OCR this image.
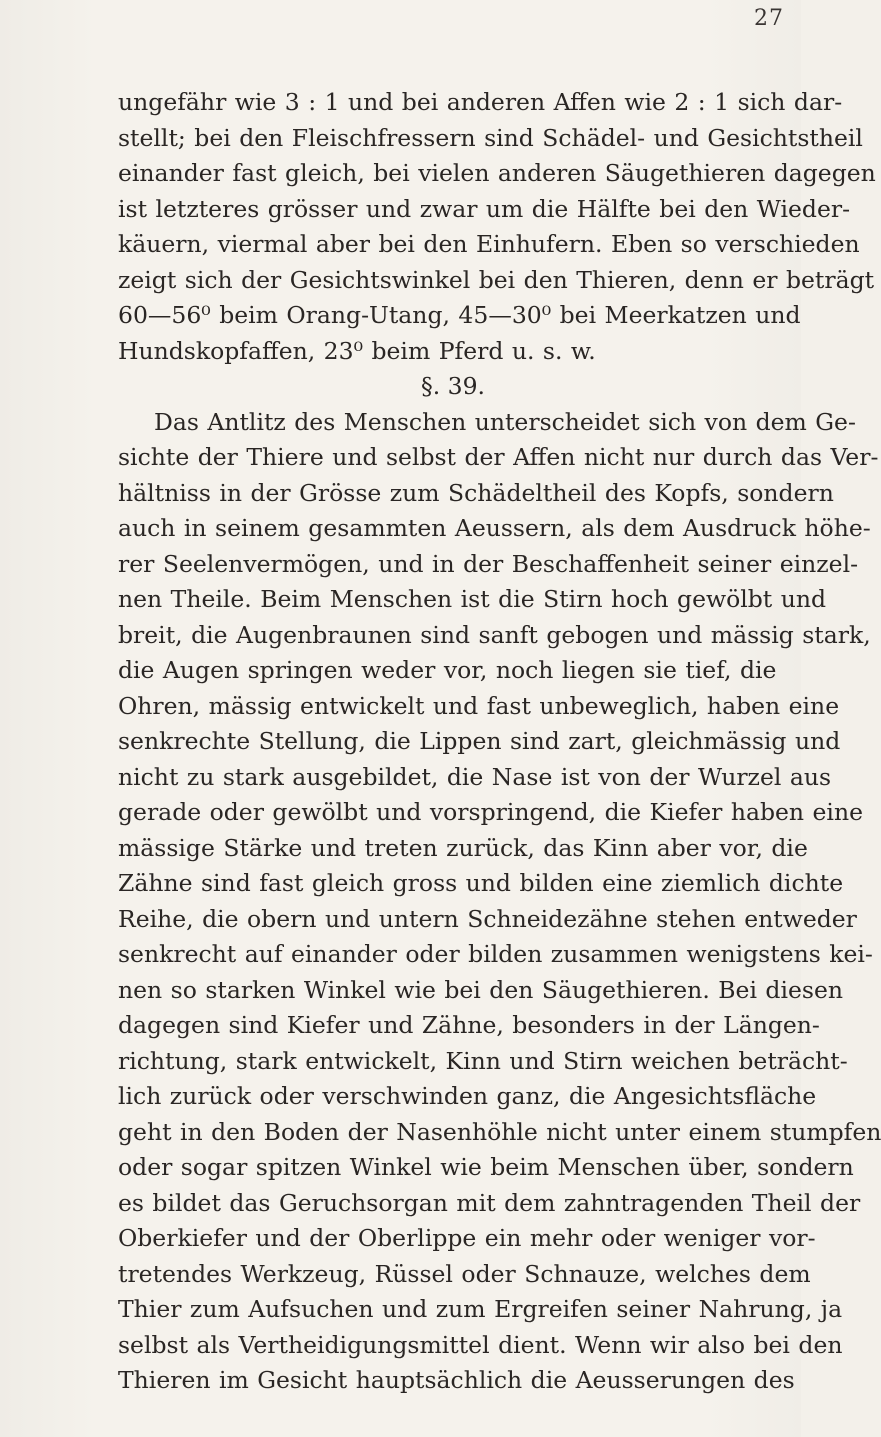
27
ungefähr wie 3 : 1 und bei anderen Affen wie 2 : 1 sich dar-
stellt; bei den Fleischfressern sind Schädel- und Gesichtstheil
einander fast gleich, bei vielen anderen Säugethieren dagegen
ist letzteres grösser und zwar um die Hälfte bei den Wieder-
käuern, viermal aber bei den Einhufern. Eben so verschieden
zeigt sich der Gesichtswinkel bei den Thieren, denn er beträgt
60—56⁰ beim Orang-Utang, 45—30⁰ bei Meerkatzen und
Hundskopfaffen, 23⁰ beim Pferd u. s. w.
§. 39.
Das Antlitz des Menschen unterscheidet sich von dem Ge-
sichte der Thiere und selbst der Affen nicht nur durch das Ver-
hältniss in der Grösse zum Schädeltheil des Kopfs, sondern
auch in seinem gesammten Aeussern, als dem Ausdruck höhe-
rer Seelenvermögen, und in der Beschaffenheit seiner einzel-
nen Theile. Beim Menschen ist die Stirn hoch gewölbt und
breit, die Augenbraunen sind sanft gebogen und mässig stark,
die Augen springen weder vor, noch liegen sie tief, die
Ohren, mässig entwickelt und fast unbeweglich, haben eine
senkrechte Stellung, die Lippen sind zart, gleichmässig und
nicht zu stark ausgebildet, die Nase ist von der Wurzel aus
gerade oder gewölbt und vorspringend, die Kiefer haben eine
mässige Stärke und treten zurück, das Kinn aber vor, die
Zähne sind fast gleich gross und bilden eine ziemlich dichte
Reihe, die obern und untern Schneidezähne stehen entweder
senkrecht auf einander oder bilden zusammen wenigstens kei-
nen so starken Winkel wie bei den Säugethieren. Bei diesen
dagegen sind Kiefer und Zähne, besonders in der Längen-
richtung, stark entwickelt, Kinn und Stirn weichen beträcht-
lich zurück oder verschwinden ganz, die Angesichtsfläche
geht in den Boden der Nasenhöhle nicht unter einem stumpfen
oder sogar spitzen Winkel wie beim Menschen über, sondern
es bildet das Geruchsorgan mit dem zahntragenden Theil der
Oberkiefer und der Oberlippe ein mehr oder weniger vor-
tretendes Werkzeug, Rüssel oder Schnauze, welches dem
Thier zum Aufsuchen und zum Ergreifen seiner Nahrung, ja
selbst als Vertheidigungsmittel dient. Wenn wir also bei den
Thieren im Gesicht hauptsächlich die Aeusserungen des
